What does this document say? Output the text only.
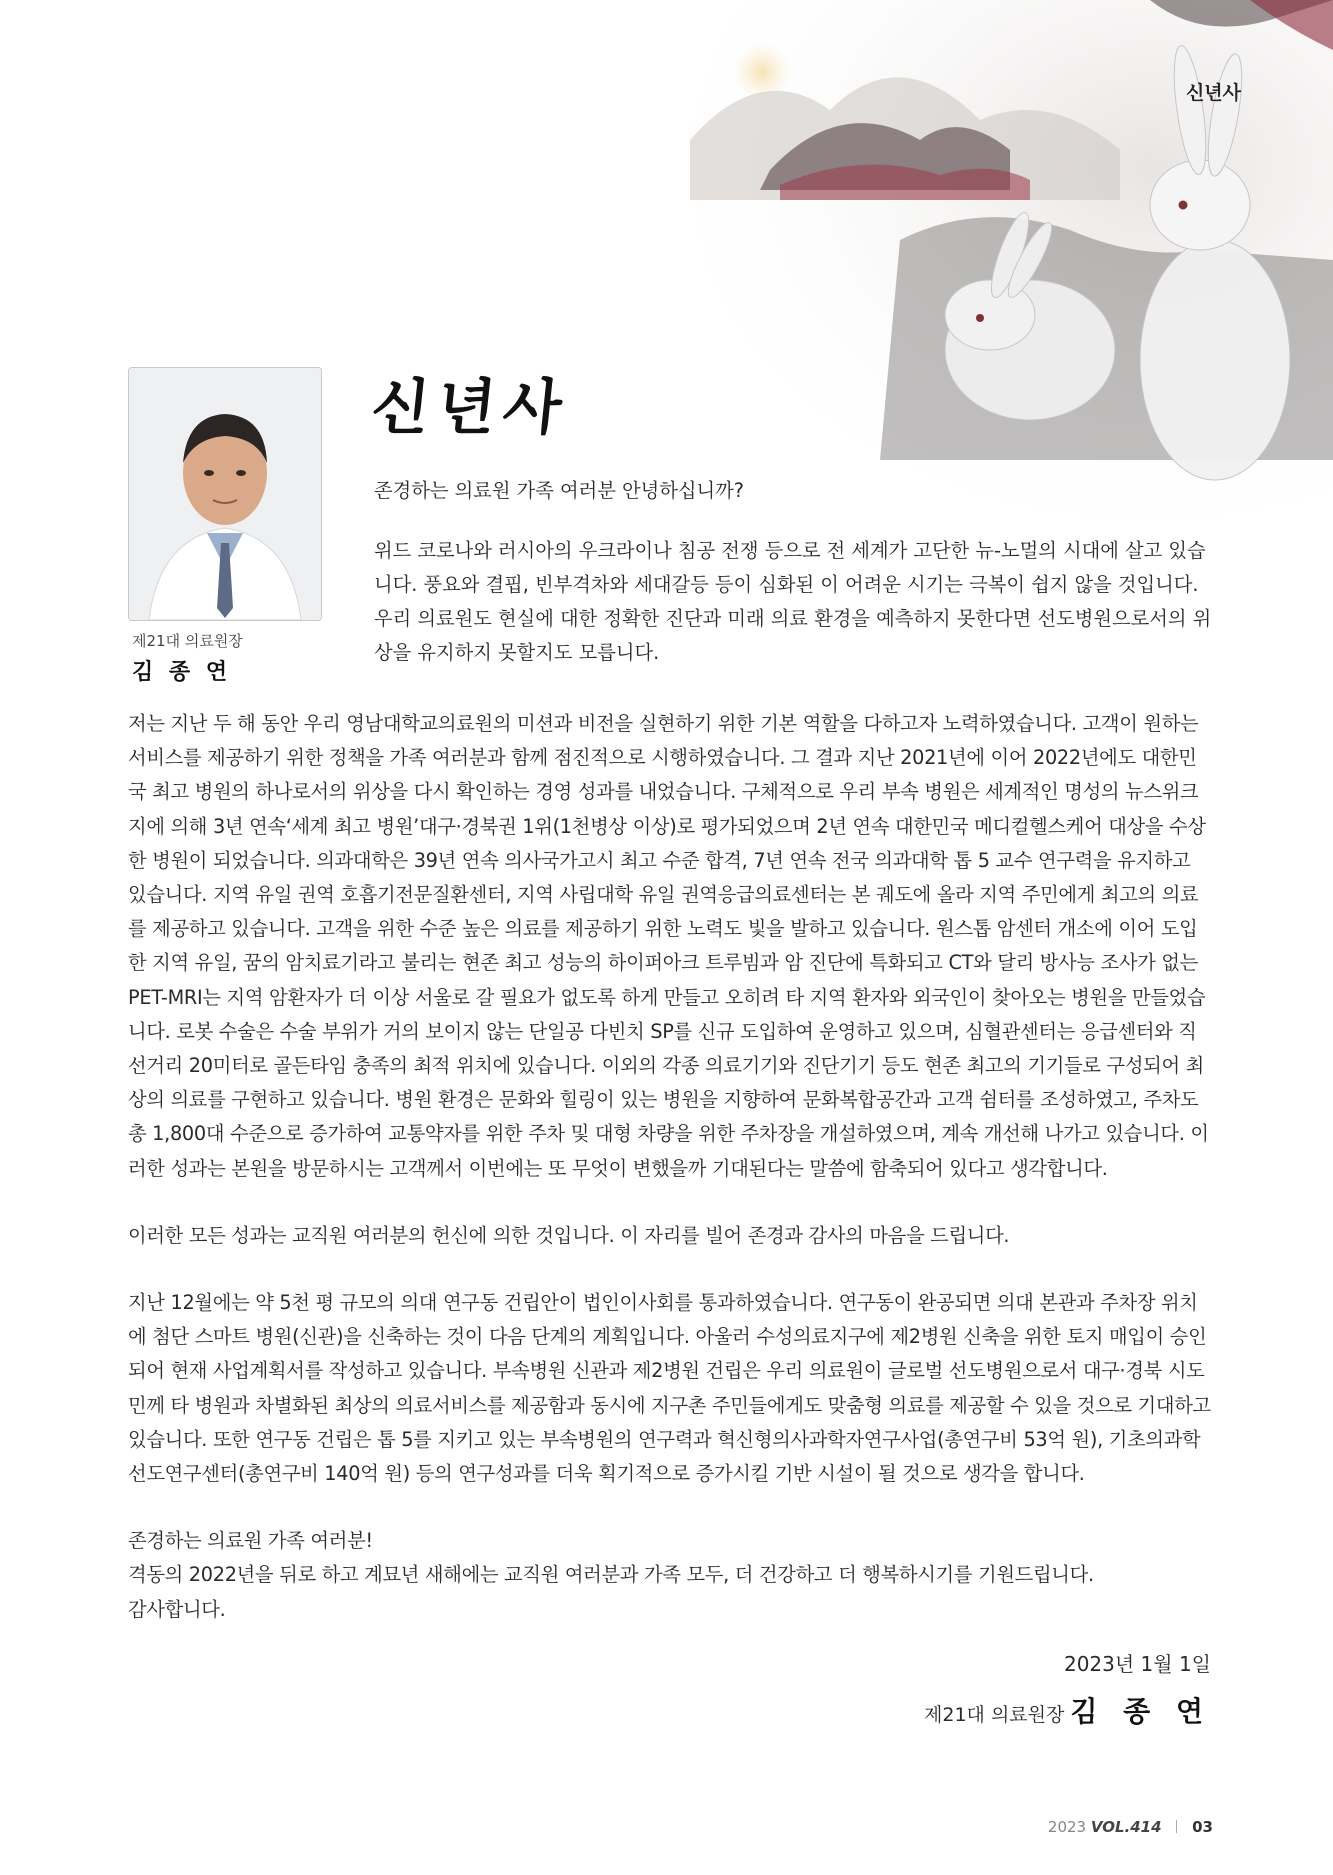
신년사
제21대 의료원장
김 종 연
신년사

존경하는 의료원 가족 여러분 안녕하십니까?

위드 코로나와 러시아의 우크라이나 침공 전쟁 등으로 전 세계가 고단한 뉴-노멀의 시대에 살고 있습니다. 풍요와 결핍, 빈부격차와 세대갈등 등이 심화된 이 어려운 시기는 극복이 쉽지 않을 것입니다. 우리 의료원도 현실에 대한 정확한 진단과 미래 의료 환경을 예측하지 못한다면 선도병원으로서의 위상을 유지하지 못할지도 모릅니다.

저는 지난 두 해 동안 우리 영남대학교의료원의 미션과 비전을 실현하기 위한 기본 역할을 다하고자 노력하였습니다. 고객이 원하는 서비스를 제공하기 위한 정책을 가족 여러분과 함께 점진적으로 시행하였습니다. 그 결과 지난 2021년에 이어 2022년에도 대한민국 최고 병원의 하나로서의 위상을 다시 확인하는 경영 성과를 내었습니다. 구체적으로 우리 부속 병원은 세계적인 명성의 뉴스위크지에 의해 3년 연속‘세계 최고 병원’대구·경북권 1위(1천병상 이상)로 평가되었으며 2년 연속 대한민국 메디컬헬스케어 대상을 수상한 병원이 되었습니다. 의과대학은 39년 연속 의사국가고시 최고 수준 합격, 7년 연속 전국 의과대학 톱 5 교수 연구력을 유지하고 있습니다. 지역 유일 권역 호흡기전문질환센터, 지역 사립대학 유일 권역응급의료센터는 본 궤도에 올라 지역 주민에게 최고의 의료를 제공하고 있습니다. 고객을 위한 수준 높은 의료를 제공하기 위한 노력도 빛을 발하고 있습니다. 원스톱 암센터 개소에 이어 도입한 지역 유일, 꿈의 암치료기라고 불리는 현존 최고 성능의 하이퍼아크 트루빔과 암 진단에 특화되고 CT와 달리 방사능 조사가 없는 PET-MRI는 지역 암환자가 더 이상 서울로 갈 필요가 없도록 하게 만들고 오히려 타 지역 환자와 외국인이 찾아오는 병원을 만들었습니다. 로봇 수술은 수술 부위가 거의 보이지 않는 단일공 다빈치 SP를 신규 도입하여 운영하고 있으며, 심혈관센터는 응급센터와 직선거리 20미터로 골든타임 충족의 최적 위치에 있습니다. 이외의 각종 의료기기와 진단기기 등도 현존 최고의 기기들로 구성되어 최상의 의료를 구현하고 있습니다. 병원 환경은 문화와 힐링이 있는 병원을 지향하여 문화복합공간과 고객 쉼터를 조성하였고, 주차도 총 1,800대 수준으로 증가하여 교통약자를 위한 주차 및 대형 차량을 위한 주차장을 개설하였으며, 계속 개선해 나가고 있습니다. 이러한 성과는 본원을 방문하시는 고객께서 이번에는 또 무엇이 변했을까 기대된다는 말씀에 함축되어 있다고 생각합니다.

이러한 모든 성과는 교직원 여러분의 헌신에 의한 것입니다. 이 자리를 빌어 존경과 감사의 마음을 드립니다.

지난 12월에는 약 5천 평 규모의 의대 연구동 건립안이 법인이사회를 통과하였습니다. 연구동이 완공되면 의대 본관과 주차장 위치에 첨단 스마트 병원(신관)을 신축하는 것이 다음 단계의 계획입니다. 아울러 수성의료지구에 제2병원 신축을 위한 토지 매입이 승인되어 현재 사업계획서를 작성하고 있습니다. 부속병원 신관과 제2병원 건립은 우리 의료원이 글로벌 선도병원으로서 대구·경북 시도민께 타 병원과 차별화된 최상의 의료서비스를 제공함과 동시에 지구촌 주민들에게도 맞춤형 의료를 제공할 수 있을 것으로 기대하고 있습니다. 또한 연구동 건립은 톱 5를 지키고 있는 부속병원의 연구력과 혁신형의사과학자연구사업(총연구비 53억 원), 기초의과학선도연구센터(총연구비 140억 원) 등의 연구성과를 더욱 획기적으로 증가시킬 기반 시설이 될 것으로 생각을 합니다.

존경하는 의료원 가족 여러분!
격동의 2022년을 뒤로 하고 계묘년 새해에는 교직원 여러분과 가족 모두, 더 건강하고 더 행복하시기를 기원드립니다.
감사합니다.

2023년 1월 1일
제21대 의료원장 김 종 연
2023 VOL.414 03
